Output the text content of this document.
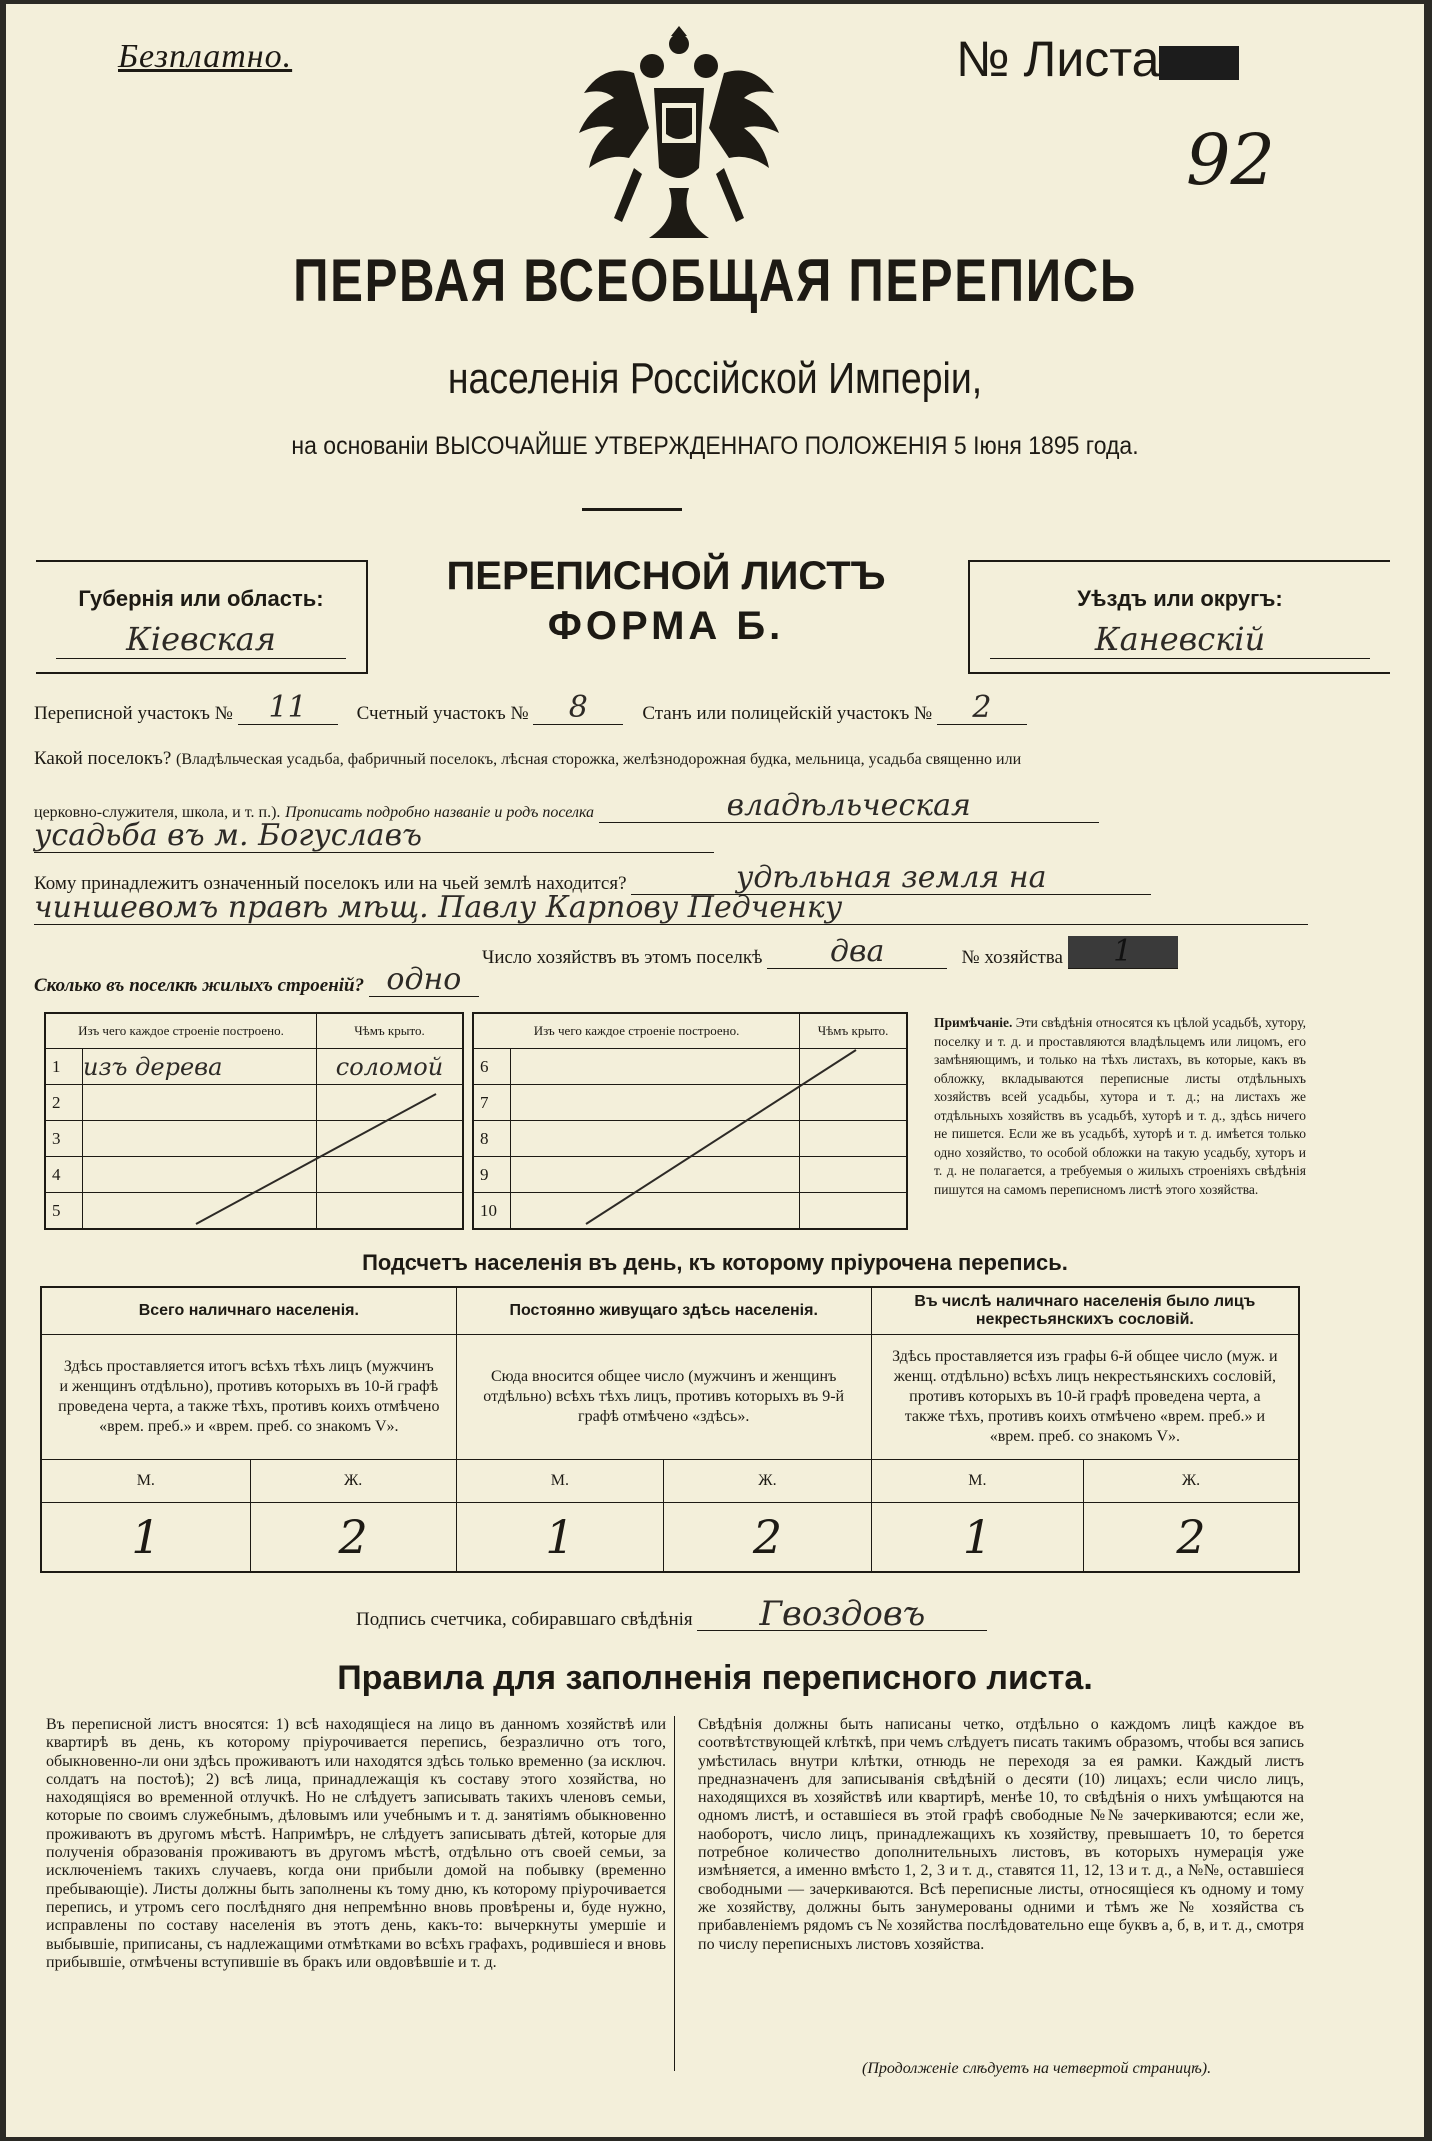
Безплатно.	№ Листа
92
ПЕРВАЯ ВСЕОБЩАЯ ПЕРЕПИСЬ
населенія Россійской Имперіи,
на основаніи ВЫСОЧАЙШЕ УТВЕРЖДЕННАГО ПОЛОЖЕНІЯ 5 Іюня 1895 года.
Губернія или область:
Кіевская
ПЕРЕПИСНОЙ ЛИСТЪ
ФОРМА Б.
Уѣздъ или округъ:
Каневскій
Переписной участокъ № 11	Счетный участокъ № 8	Станъ или полицейскій участокъ № 2
Какой поселокъ? (Владѣльческая усадьба, фабричный поселокъ, лѣсная сторожка, желѣзнодорожная будка, мельница, усадьба священно или
церковно-служителя, школа, и т. п.). Прописать подробно названіе и родъ поселка	владѣльческая
усадьба въ м. Богуславъ
Кому принадлежитъ означенный поселокъ или на чьей землѣ находится?	удѣльная земля на
чиншевомъ правѣ мѣщ. Павлу Карпову Педченку
Число хозяйствъ въ этомъ поселкѣ два	№ хозяйства 1
Сколько въ поселкѣ жилыхъ строеній? одно
Изъ чего каждое строеніе построено.		Чѣмъ крыто.
1	изъ дерева	соломой
2		
3		
4		
5		
Изъ чего каждое строеніе построено.		Чѣмъ крыто.
6		
7		
8		
9		
10		
Примѣчаніе. Эти свѣдѣнія относятся къ цѣлой усадьбѣ, хутору, поселку и т. д. и проставляются владѣльцемъ или лицомъ, его замѣняющимъ, и только на тѣхъ листахъ, въ которые, какъ въ обложку, вкладываются переписные листы отдѣльныхъ хозяйствъ всей усадьбы, хутора и т. д.; на листахъ же отдѣльныхъ хозяйствъ въ усадьбѣ, хуторѣ и т. д., здѣсь ничего не пишется. Если же въ усадьбѣ, хуторѣ и т. д. имѣется только одно хозяйство, то особой обложки на такую усадьбу, хуторъ и т. д. не полагается, а требуемыя о жилыхъ строеніяхъ свѣдѣнія пишутся на самомъ переписномъ листѣ этого хозяйства.
Подсчетъ населенія въ день, къ которому пріурочена перепись.
Всего наличнаго населенія.		Постоянно живущаго здѣсь населенія.		Въ числѣ наличнаго населенія было лицъ некрестьянскихъ сословій.	
Здѣсь проставляется итогъ всѣхъ тѣхъ лицъ (мужчинъ и женщинъ отдѣльно), противъ которыхъ въ 10-й графѣ проведена черта, а также тѣхъ, противъ коихъ отмѣчено «врем. преб.» и «врем. преб. со знакомъ V».		Сюда вносится общее число (мужчинъ и женщинъ отдѣльно) всѣхъ тѣхъ лицъ, противъ которыхъ въ 9-й графѣ отмѣчено «здѣсь».		Здѣсь проставляется изъ графы 6-й общее число (муж. и женщ. отдѣльно) всѣхъ лицъ некрестьянскихъ сословій, противъ которыхъ въ 10-й графѣ проведена черта, а также тѣхъ, противъ коихъ отмѣчено «врем. преб.» и «врем. преб. со знакомъ V».	
М.	Ж.	М.	Ж.	М.	Ж.
1	2	1	2	1	2
Подпись счетчика, собиравшаго свѣдѣнія Гвоздовъ
Правила для заполненія переписного листа.
Въ переписной листъ вносятся: 1) всѣ находящіеся на лицо въ данномъ хозяйствѣ или квартирѣ въ день, къ которому пріурочивается перепись, безразлично отъ того, обыкновенно-ли они здѣсь проживаютъ или находятся здѣсь только временно (за исключ. солдатъ на постоѣ); 2) всѣ лица, принадлежащія къ составу этого хозяйства, но находящіяся во временной отлучкѣ. Но не слѣдуетъ записывать такихъ членовъ семьи, которые по своимъ служебнымъ, дѣловымъ или учебнымъ и т. д. занятіямъ обыкновенно проживаютъ въ другомъ мѣстѣ. Напримѣръ, не слѣдуетъ записывать дѣтей, которые для полученія образованія проживаютъ въ другомъ мѣстѣ, отдѣльно отъ своей семьи, за исключеніемъ такихъ случаевъ, когда они прибыли домой на побывку (временно пребывающіе). Листы должны быть заполнены къ тому дню, къ которому пріурочивается перепись, и утромъ сего послѣдняго дня непремѣнно вновь провѣрены и, буде нужно, исправлены по составу населенія въ этотъ день, какъ-то: вычеркнуты умершіе и выбывшіе, приписаны, съ надлежащими отмѣтками во всѣхъ графахъ, родившіеся и вновь прибывшіе, отмѣчены вступившіе въ бракъ или овдовѣвшіе и т. д.
Свѣдѣнія должны быть написаны четко, отдѣльно о каждомъ лицѣ каждое въ соотвѣтствующей клѣткѣ, при чемъ слѣдуетъ писать такимъ образомъ, чтобы вся запись умѣстилась внутри клѣтки, отнюдь не переходя за ея рамки. Каждый листъ предназначенъ для записыванія свѣдѣній о десяти (10) лицахъ; если число лицъ, находящихся въ хозяйствѣ или квартирѣ, менѣе 10, то свѣдѣнія о нихъ умѣщаются на одномъ листѣ, и оставшіеся въ этой графѣ свободные №№ зачеркиваются; если же, наоборотъ, число лицъ, принадлежащихъ къ хозяйству, превышаетъ 10, то берется потребное количество дополнительныхъ листовъ, въ которыхъ нумерація уже измѣняется, а именно вмѣсто 1, 2, 3 и т. д., ставятся 11, 12, 13 и т. д., а №№, оставшіеся свободными — зачеркиваются. Всѣ переписные листы, относящіеся къ одному и тому же хозяйству, должны быть занумерованы одними и тѣмъ же № хозяйства съ прибавленіемъ рядомъ съ № хозяйства послѣдовательно еще буквъ а, б, в, и т. д., смотря по числу переписныхъ листовъ хозяйства.
(Продолженіе слѣдуетъ на четвертой страницѣ).
